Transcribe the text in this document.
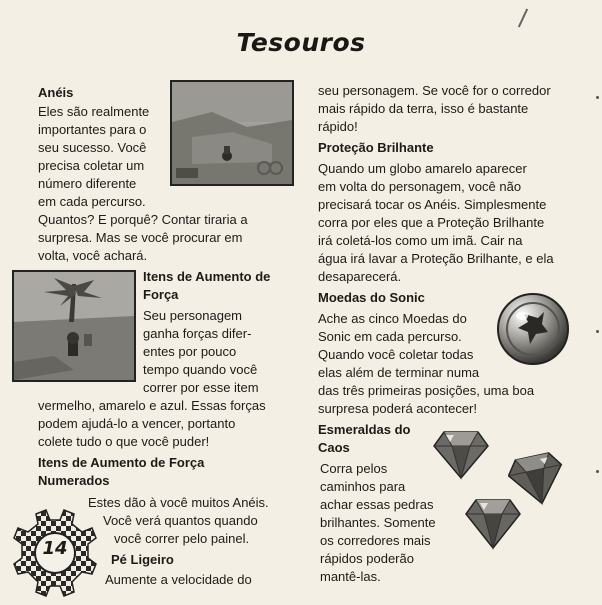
Tesouros
Anéis
Eles são realmente
importantes para o
seu sucesso. Você
precisa coletar um
número diferente
em cada percurso.
Quantos? E porquê? Contar tiraria a
surpresa. Mas se você procurar em
volta, você achará.
Itens de Aumento de
Força
Seu personagem
ganha forças difer-
entes por pouco
tempo quando você
correr por esse item
vermelho, amarelo e azul. Essas forças
podem ajudá-lo a vencer, portanto
colete tudo o que você puder!
Itens de Aumento de Força
Numerados
Estes dão à você muitos Anéis.
Você verá quantos quando
você correr pelo painel.
Pé Ligeiro
Aumente a velocidade do
14
seu personagem. Se você for o corredor
mais rápido da terra, isso é bastante
rápido!
Proteção Brilhante
Quando um globo amarelo aparecer
em volta do personagem, você não
precisará tocar os Anéis. Simplesmente
corra por eles que a Proteção Brilhante
irá coletá-los como um imã. Cair na
água irá lavar a Proteção Brilhante, e ela
desaparecerá.
Moedas do Sonic
Ache as cinco Moedas do
Sonic em cada percurso.
Quando você coletar todas
elas além de terminar numa
das três primeiras posições, uma boa
surpresa poderá acontecer!
Esmeraldas do
Caos
Corra pelos
caminhos para
achar essas pedras
brilhantes. Somente
os corredores mais
rápidos poderão
mantê-las.
